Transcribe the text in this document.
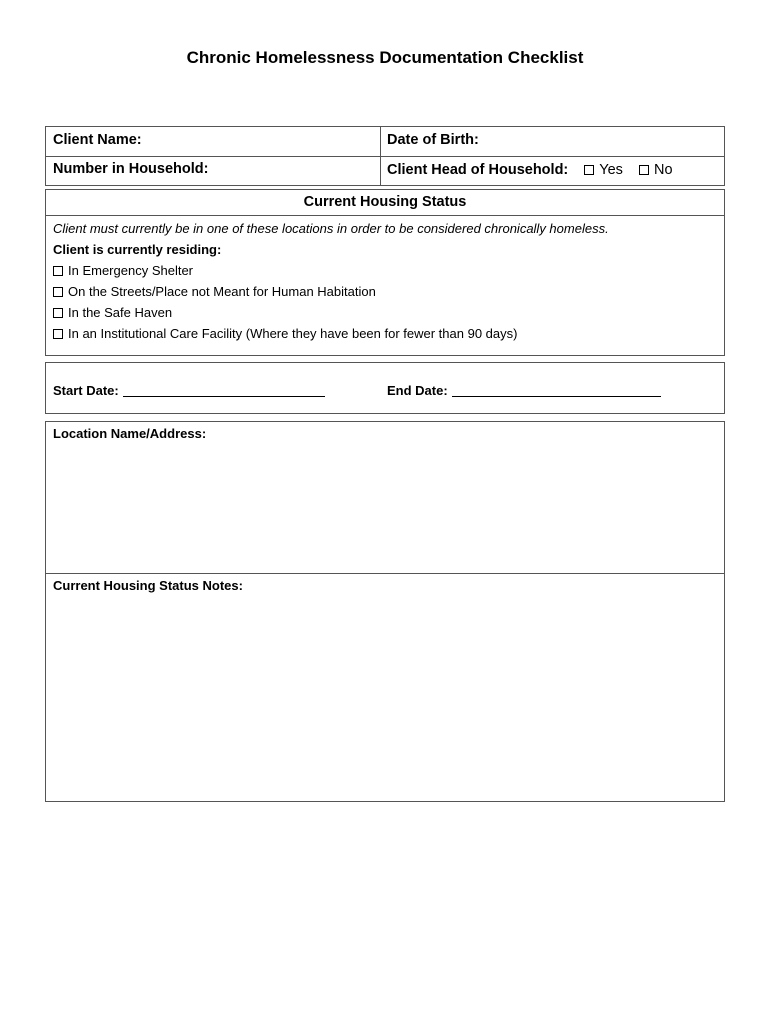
Chronic Homelessness Documentation Checklist
Client Name:	Date of Birth:
Number in Household:	Client Head of Household: Yes No
Current Housing Status
Client must currently be in one of these locations in order to be considered chronically homeless.
Client is currently residing:
In Emergency Shelter
On the Streets/Place not Meant for Human Habitation
In the Safe Haven
In an Institutional Care Facility (Where they have been for fewer than 90 days)
Start Date:	End Date:
Location Name/Address:
Current Housing Status Notes:
